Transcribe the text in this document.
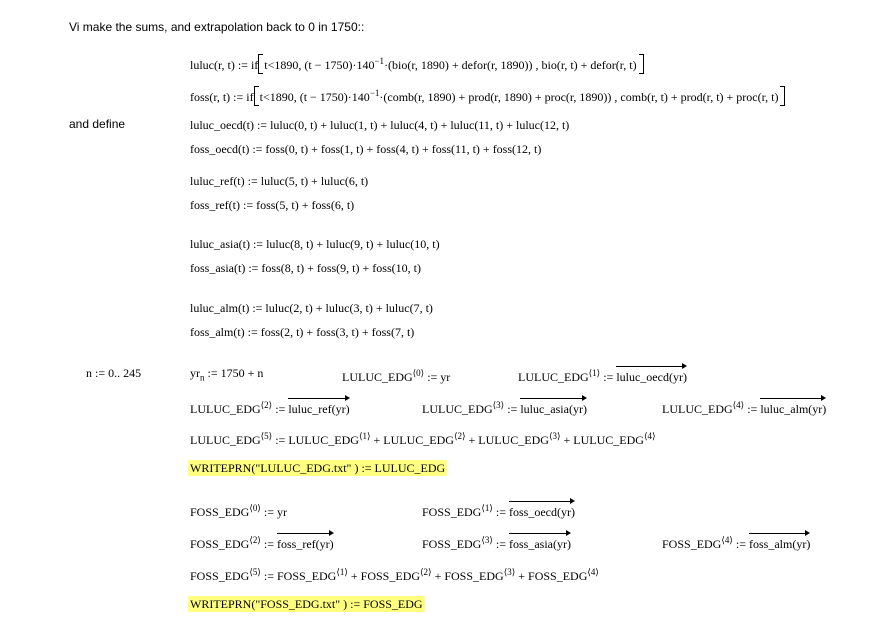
Vi make the sums, and extrapolation back to 0 in 1750::
luluc(r, t) := if t<1890, $(t - 1750)\cdot 140^{-1}\cdot(bio(r$, 1890) + defor(r, 1890)) , bio(r, t) + defor(r, t)
foss(r, t) := if t<1890, $(t - 1750)\cdot 140^{-1}\cdot(comb(r$, 1890) + prod(r, 1890) + proc(r, 1890)) , comb(r, t) + prod(r, t) + proc(r, t)
and define	luluc_oecd(t) := luluc(0, t) + luluc(1, t) + luluc(4, t) + luluc(11, t) + luluc(12, t)
foss_oecd(t) := foss(0, t) + foss(1, t) + foss(4, t) + foss(11, t) + foss(12, t)
luluc_ref(t) := luluc(5, t) + luluc(6, t)
foss_ref(t) := foss(5, t) + foss(6, t)
luluc_asia(t) := luluc(8, t) + luluc(9, t) + luluc(10, t)
foss_asia(t) := foss(8, t) + foss(9, t) + foss(10, t)
luluc_alm(t) := luluc(2, t) + luluc(3, t) + luluc(7, t)
foss_alm(t) := foss(2, t) + foss(3, t) + foss(7, t)
n := 0.. 245	$yr_n$ := 1750 + n	$LULUC\_EDG^{⟨0⟩}$ := yr	$LULUC\_EDG^{⟨1⟩}$ := luluc_oecd(yr)
$LULUC\_EDG^{⟨2⟩}$ := luluc_ref(yr)	$LULUC\_EDG^{⟨3⟩}$ := luluc_asia(yr)	$LULUC\_EDG^{⟨4⟩}$ := luluc_alm(yr)
$LULUC\_EDG^{⟨5⟩}$ := $LULUC\_EDG^{⟨1⟩}$ + $LULUC\_EDG^{⟨2⟩}$ + $LULUC\_EDG^{⟨3⟩}$ + $LULUC\_EDG^{⟨4⟩}$
WRITEPRN("LULUC_EDG.txt" ) := LULUC_EDG
$FOSS\_EDG^{⟨0⟩}$ := yr	$FOSS\_EDG^{⟨1⟩}$ := foss_oecd(yr)
$FOSS\_EDG^{⟨2⟩}$ := foss_ref(yr)	$FOSS\_EDG^{⟨3⟩}$ := foss_asia(yr)	$FOSS\_EDG^{⟨4⟩}$ := foss_alm(yr)
$FOSS\_EDG^{⟨5⟩}$ := $FOSS\_EDG^{⟨1⟩}$ + $FOSS\_EDG^{⟨2⟩}$ + $FOSS\_EDG^{⟨3⟩}$ + $FOSS\_EDG^{⟨4⟩}$
WRITEPRN("FOSS_EDG.txt" ) := FOSS_EDG
